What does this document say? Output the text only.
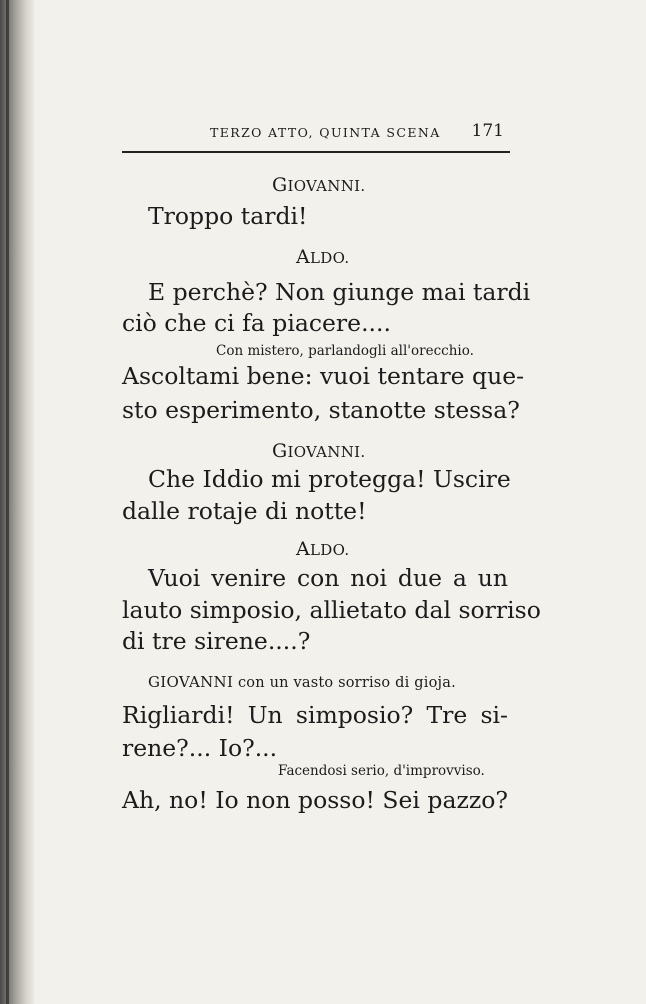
TERZO ATTO, QUINTA SCENA 171
GIOVANNI.
Troppo tardi!
ALDO.
E perchè? Non giunge mai tardi
ciò che ci fa piacere....
Con mistero, parlandogli all'orecchio.
Ascoltami bene: vuoi tentare que-
sto esperimento, stanotte stessa?
GIOVANNI.
Che Iddio mi protegga! Uscire
dalle rotaje di notte!
ALDO.
Vuoi venire con noi due a un
lauto simposio, allietato dal sorriso
di tre sirene....?
GIOVANNI con un vasto sorriso di gioja.
Rigliardi! Un simposio? Tre si-
rene?... Io?...
Facendosi serio, d'improvviso.
Ah, no! Io non posso! Sei pazzo?
